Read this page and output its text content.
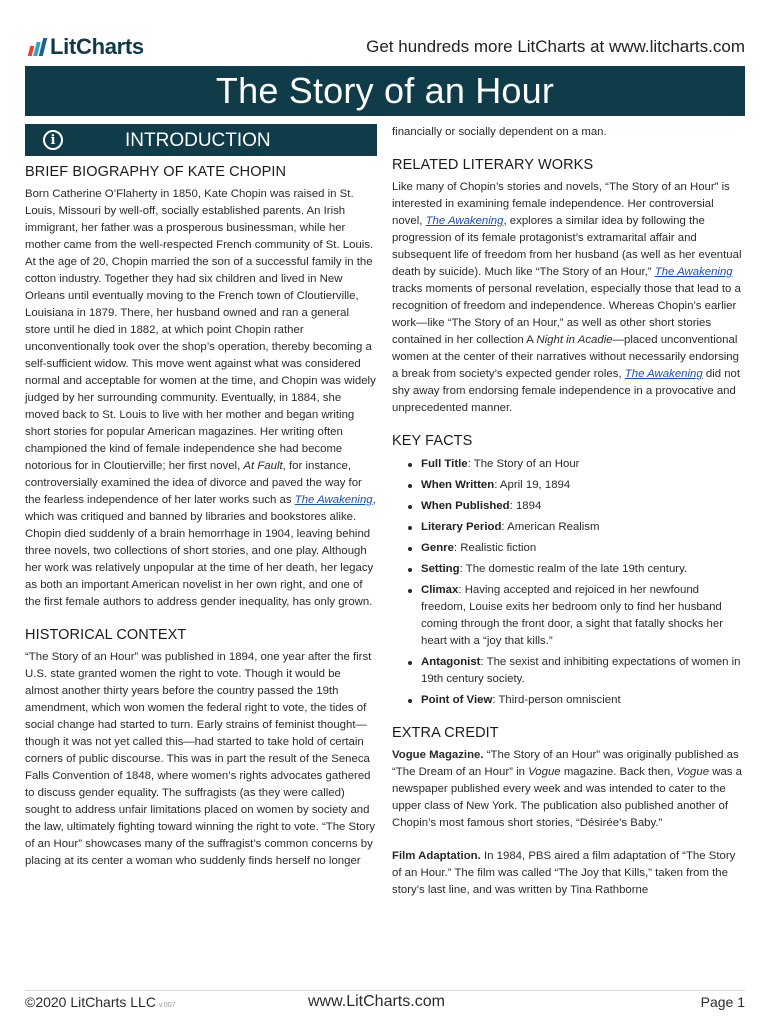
LitCharts	Get hundreds more LitCharts at www.litcharts.com
The Story of an Hour
i	INTRODUCTION
BRIEF BIOGRAPHY OF KATE CHOPIN

Born Catherine O’Flaherty in 1850, Kate Chopin was raised in St. Louis, Missouri by well-off, socially established parents. An Irish immigrant, her father was a prosperous businessman, while her mother came from the well-respected French community of St. Louis. At the age of 20, Chopin married the son of a successful family in the cotton industry. Together they had six children and lived in New Orleans until eventually moving to the French town of Cloutierville, Louisiana in 1879. There, her husband owned and ran a general store until he died in 1882, at which point Chopin rather unconventionally took over the shop’s operation, thereby becoming a self-sufficient widow. This move went against what was considered normal and acceptable for women at the time, and Chopin was widely judged by her surrounding community. Eventually, in 1884, she moved back to St. Louis to live with her mother and began writing short stories for popular American magazines. Her writing often championed the kind of female independence she had become notorious for in Cloutierville; her first novel, At Fault, for instance, controversially examined the idea of divorce and paved the way for the fearless independence of her later works such as The Awakening, which was critiqued and banned by libraries and bookstores alike. Chopin died suddenly of a brain hemorrhage in 1904, leaving behind three novels, two collections of short stories, and one play. Although her work was relatively unpopular at the time of her death, her legacy as both an important American novelist in her own right, and one of the first female authors to address gender inequality, has only grown.

HISTORICAL CONTEXT

“The Story of an Hour” was published in 1894, one year after the first U.S. state granted women the right to vote. Though it would be almost another thirty years before the country passed the 19th amendment, which won women the federal right to vote, the tides of social change had started to turn. Early strains of feminist thought—though it was not yet called this—had started to take hold of certain corners of public discourse. This was in part the result of the Seneca Falls Convention of 1848, where women’s rights advocates gathered to discuss gender equality. The suffragists (as they were called) sought to address unfair limitations placed on women by society and the law, ultimately fighting toward winning the right to vote. “The Story of an Hour” showcases many of the suffragist’s common concerns by placing at its center a woman who suddenly finds herself no longer

financially or socially dependent on a man.

RELATED LITERARY WORKS

Like many of Chopin’s stories and novels, “The Story of an Hour” is interested in examining female independence. Her controversial novel, The Awakening, explores a similar idea by following the progression of its female protagonist’s extramarital affair and subsequent life of freedom from her husband (as well as her eventual death by suicide). Much like “The Story of an Hour,” The Awakening tracks moments of personal revelation, especially those that lead to a recognition of freedom and independence. Whereas Chopin’s earlier work—like “The Story of an Hour,” as well as other short stories contained in her collection A Night in Acadie—placed unconventional women at the center of their narratives without necessarily endorsing a break from society’s expected gender roles, The Awakening did not shy away from endorsing female independence in a provocative and unprecedented manner.

KEY FACTS
Full Title: The Story of an Hour
When Written: April 19, 1894
When Published: 1894
Literary Period: American Realism
Genre: Realistic fiction
Setting: The domestic realm of the late 19th century.
Climax: Having accepted and rejoiced in her newfound freedom, Louise exits her bedroom only to find her husband coming through the front door, a sight that fatally shocks her heart with a “joy that kills.”
Antagonist: The sexist and inhibiting expectations of women in 19th century society.
Point of View: Third-person omniscient
EXTRA CREDIT

Vogue Magazine. “The Story of an Hour” was originally published as “The Dream of an Hour” in Vogue magazine. Back then, Vogue was a newspaper published every week and was intended to cater to the upper class of New York. The publication also published another of Chopin’s most famous short stories, “Désirée’s Baby.”

Film Adaptation. In 1984, PBS aired a film adaptation of “The Story of an Hour.” The film was called “The Joy that Kills,” taken from the story’s last line, and was written by Tina Rathborne

©2020 LitCharts LLC v.007	www.LitCharts.com	Page 1
